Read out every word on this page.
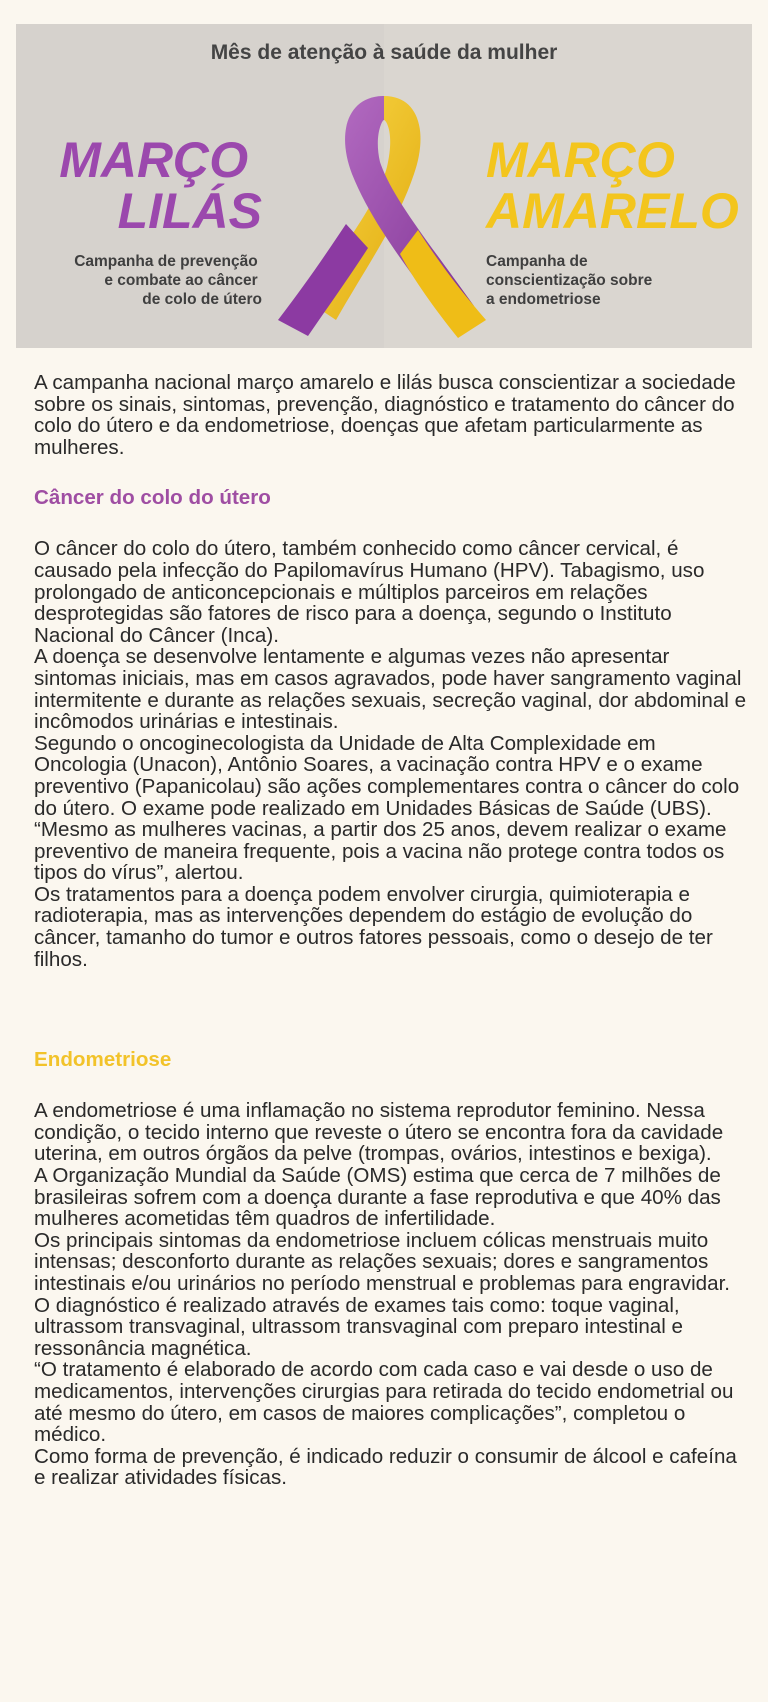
Mês de atenção à saúde da mulher
MARÇO LILÁS
Campanha de prevenção e combate ao câncer de colo de útero
MARÇO AMARELO
Campanha de conscientização sobre a endometriose

A campanha nacional março amarelo e lilás busca conscientizar a sociedade sobre os sinais, sintomas, prevenção, diagnóstico e tratamento do câncer do colo do útero e da endometriose, doenças que afetam particularmente as mulheres.

Câncer do colo do útero

O câncer do colo do útero, também conhecido como câncer cervical, é causado pela infecção do Papilomavírus Humano (HPV). Tabagismo, uso prolongado de anticoncepcionais e múltiplos parceiros em relações desprotegidas são fatores de risco para a doença, segundo o Instituto Nacional do Câncer (Inca).

A doença se desenvolve lentamente e algumas vezes não apresentar sintomas iniciais, mas em casos agravados, pode haver sangramento vaginal intermitente e durante as relações sexuais, secreção vaginal, dor abdominal e incômodos urinárias e intestinais.

Segundo o oncoginecologista da Unidade de Alta Complexidade em Oncologia (Unacon), Antônio Soares, a vacinação contra HPV e o exame preventivo (Papanicolau) são ações complementares contra o câncer do colo do útero. O exame pode realizado em Unidades Básicas de Saúde (UBS).

“Mesmo as mulheres vacinas, a partir dos 25 anos, devem realizar o exame preventivo de maneira frequente, pois a vacina não protege contra todos os tipos do vírus”, alertou.

Os tratamentos para a doença podem envolver cirurgia, quimioterapia e radioterapia, mas as intervenções dependem do estágio de evolução do câncer, tamanho do tumor e outros fatores pessoais, como o desejo de ter filhos.

Endometriose

A endometriose é uma inflamação no sistema reprodutor feminino. Nessa condição, o tecido interno que reveste o útero se encontra fora da cavidade uterina, em outros órgãos da pelve (trompas, ovários, intestinos e bexiga).

A Organização Mundial da Saúde (OMS) estima que cerca de 7 milhões de brasileiras sofrem com a doença durante a fase reprodutiva e que 40% das mulheres acometidas têm quadros de infertilidade.

Os principais sintomas da endometriose incluem cólicas menstruais muito intensas; desconforto durante as relações sexuais; dores e sangramentos intestinais e/ou urinários no período menstrual e problemas para engravidar.

O diagnóstico é realizado através de exames tais como: toque vaginal, ultrassom transvaginal, ultrassom transvaginal com preparo intestinal e ressonância magnética.

“O tratamento é elaborado de acordo com cada caso e vai desde o uso de medicamentos, intervenções cirurgias para retirada do tecido endometrial ou até mesmo do útero, em casos de maiores complicações”, completou o médico.

Como forma de prevenção, é indicado reduzir o consumir de álcool e cafeína e realizar atividades físicas.
